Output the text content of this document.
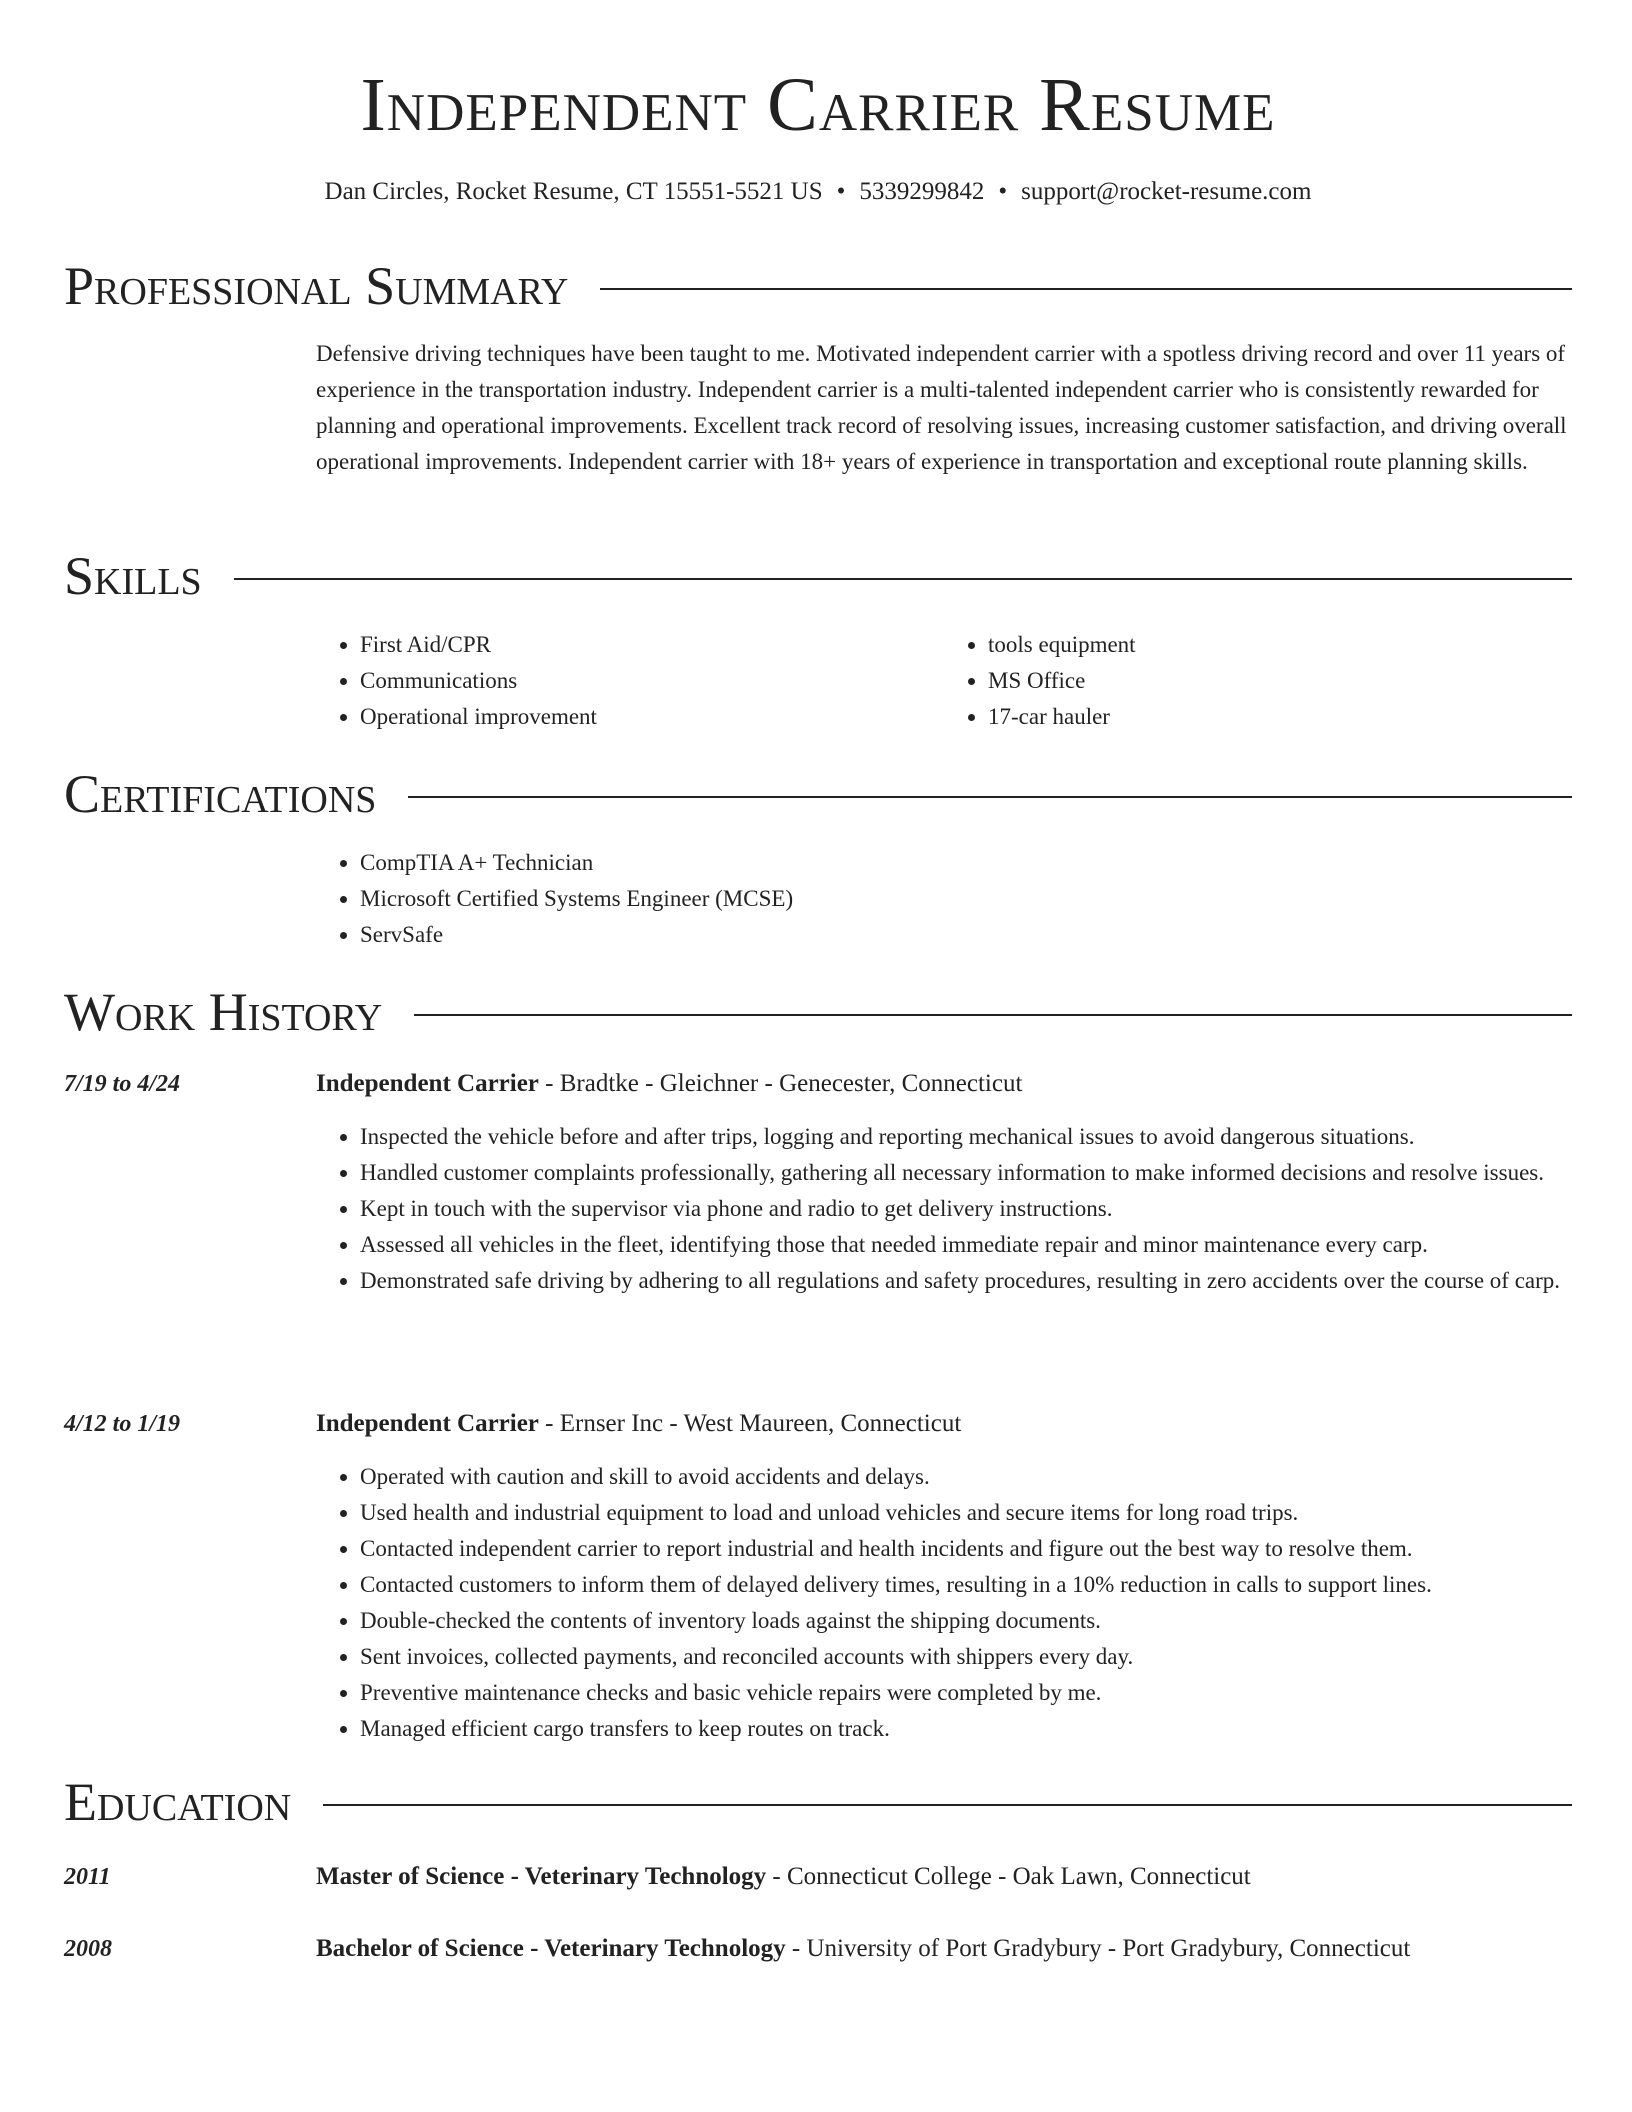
Independent Carrier Resume
Dan Circles, Rocket Resume, CT 15551-5521 US • 5339299842 • support@rocket-resume.com
Professional Summary
Defensive driving techniques have been taught to me. Motivated independent carrier with a spotless driving record and over 11 years of experience in the transportation industry. Independent carrier is a multi-talented independent carrier who is consistently rewarded for planning and operational improvements. Excellent track record of resolving issues, increasing customer satisfaction, and driving overall operational improvements. Independent carrier with 18+ years of experience in transportation and exceptional route planning skills.
Skills
• First Aid/CPR
• Communications
• Operational improvement
• tools equipment
• MS Office
• 17-car hauler
Certifications
• CompTIA A+ Technician
• Microsoft Certified Systems Engineer (MCSE)
• ServSafe
Work History
7/19 to 4/24	Independent Carrier - Bradtke - Gleichner - Genecester, Connecticut
• Inspected the vehicle before and after trips, logging and reporting mechanical issues to avoid dangerous situations.
• Handled customer complaints professionally, gathering all necessary information to make informed decisions and resolve issues.
• Kept in touch with the supervisor via phone and radio to get delivery instructions.
• Assessed all vehicles in the fleet, identifying those that needed immediate repair and minor maintenance every carp.
• Demonstrated safe driving by adhering to all regulations and safety procedures, resulting in zero accidents over the course of carp.
4/12 to 1/19	Independent Carrier - Ernser Inc - West Maureen, Connecticut
• Operated with caution and skill to avoid accidents and delays.
• Used health and industrial equipment to load and unload vehicles and secure items for long road trips.
• Contacted independent carrier to report industrial and health incidents and figure out the best way to resolve them.
• Contacted customers to inform them of delayed delivery times, resulting in a 10% reduction in calls to support lines.
• Double-checked the contents of inventory loads against the shipping documents.
• Sent invoices, collected payments, and reconciled accounts with shippers every day.
• Preventive maintenance checks and basic vehicle repairs were completed by me.
• Managed efficient cargo transfers to keep routes on track.
Education
2011	Master of Science - Veterinary Technology - Connecticut College - Oak Lawn, Connecticut
2008	Bachelor of Science - Veterinary Technology - University of Port Gradybury - Port Gradybury, Connecticut
